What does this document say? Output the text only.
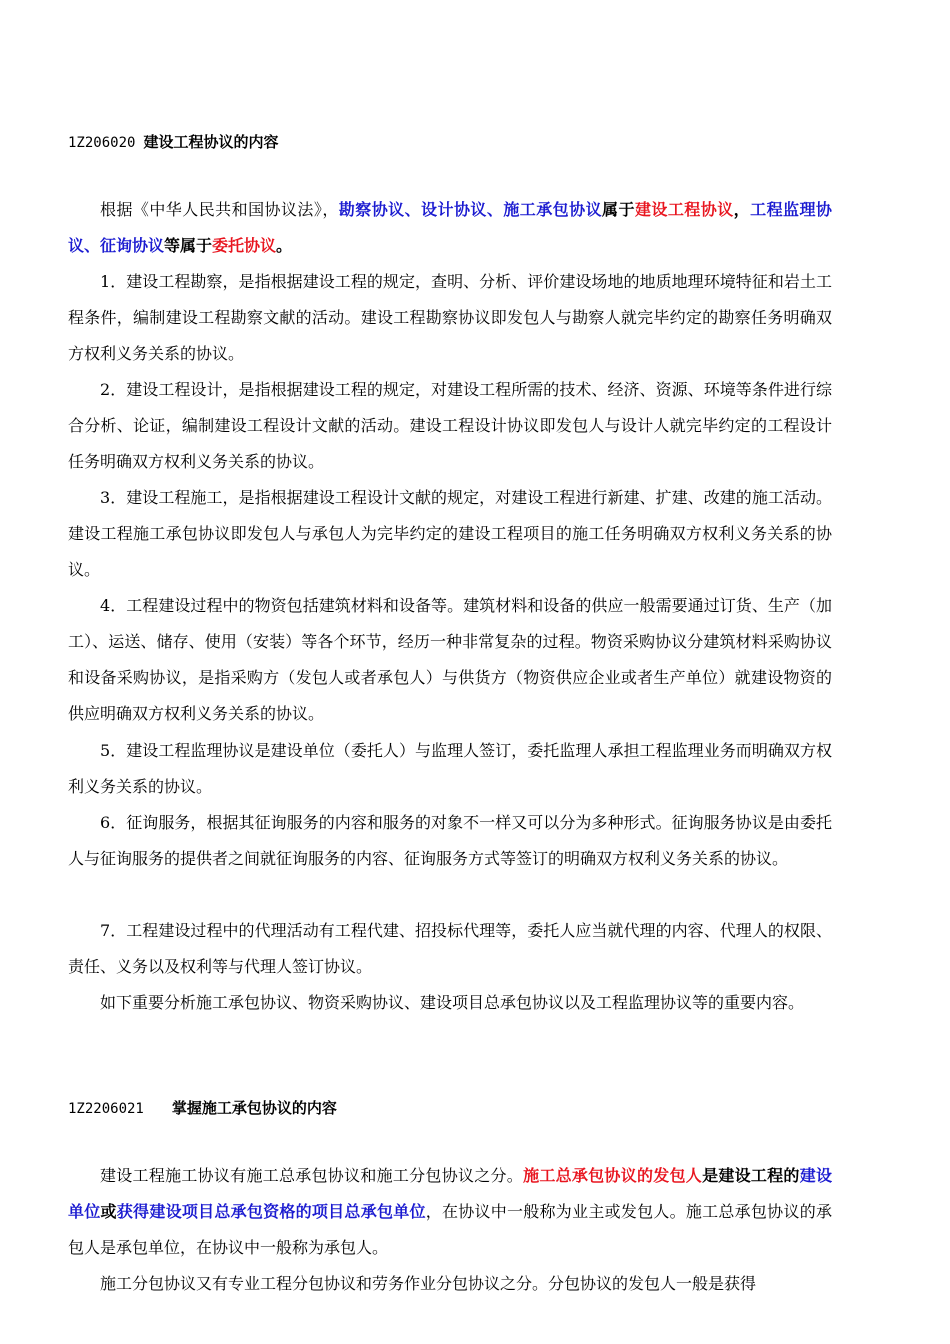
1Z206020 建设工程协议的内容

根据《中华人民共和国协议法》，勘察协议、设计协议、施工承包协议属于建设工程协议，工程监理协议、征询协议等属于委托协议。

1．建设工程勘察，是指根据建设工程的规定，查明、分析、评价建设场地的地质地理环境特征和岩土工程条件，编制建设工程勘察文献的活动。建设工程勘察协议即发包人与勘察人就完毕约定的勘察任务明确双方权利义务关系的协议。

2．建设工程设计，是指根据建设工程的规定，对建设工程所需的技术、经济、资源、环境等条件进行综合分析、论证，编制建设工程设计文献的活动。建设工程设计协议即发包人与设计人就完毕约定的工程设计任务明确双方权利义务关系的协议。

3．建设工程施工，是指根据建设工程设计文献的规定，对建设工程进行新建、扩建、改建的施工活动。建设工程施工承包协议即发包人与承包人为完毕约定的建设工程项目的施工任务明确双方权利义务关系的协议。

4．工程建设过程中的物资包括建筑材料和设备等。建筑材料和设备的供应一般需要通过订货、生产（加工）、运送、储存、使用（安装）等各个环节，经历一种非常复杂的过程。物资采购协议分建筑材料采购协议和设备采购协议，是指采购方（发包人或者承包人）与供货方（物资供应企业或者生产单位）就建设物资的供应明确双方权利义务关系的协议。

5．建设工程监理协议是建设单位（委托人）与监理人签订，委托监理人承担工程监理业务而明确双方权利义务关系的协议。

6．征询服务，根据其征询服务的内容和服务的对象不一样又可以分为多种形式。征询服务协议是由委托人与征询服务的提供者之间就征询服务的内容、征询服务方式等签订的明确双方权利义务关系的协议。

7．工程建设过程中的代理活动有工程代建、招投标代理等，委托人应当就代理的内容、代理人的权限、责任、义务以及权利等与代理人签订协议。

如下重要分析施工承包协议、物资采购协议、建设项目总承包协议以及工程监理协议等的重要内容。

1Z2206021 掌握施工承包协议的内容

建设工程施工协议有施工总承包协议和施工分包协议之分。施工总承包协议的发包人是建设工程的建设单位或获得建设项目总承包资格的项目总承包单位，在协议中一般称为业主或发包人。施工总承包协议的承包人是承包单位，在协议中一般称为承包人。

施工分包协议又有专业工程分包协议和劳务作业分包协议之分。分包协议的发包人一般是获得
